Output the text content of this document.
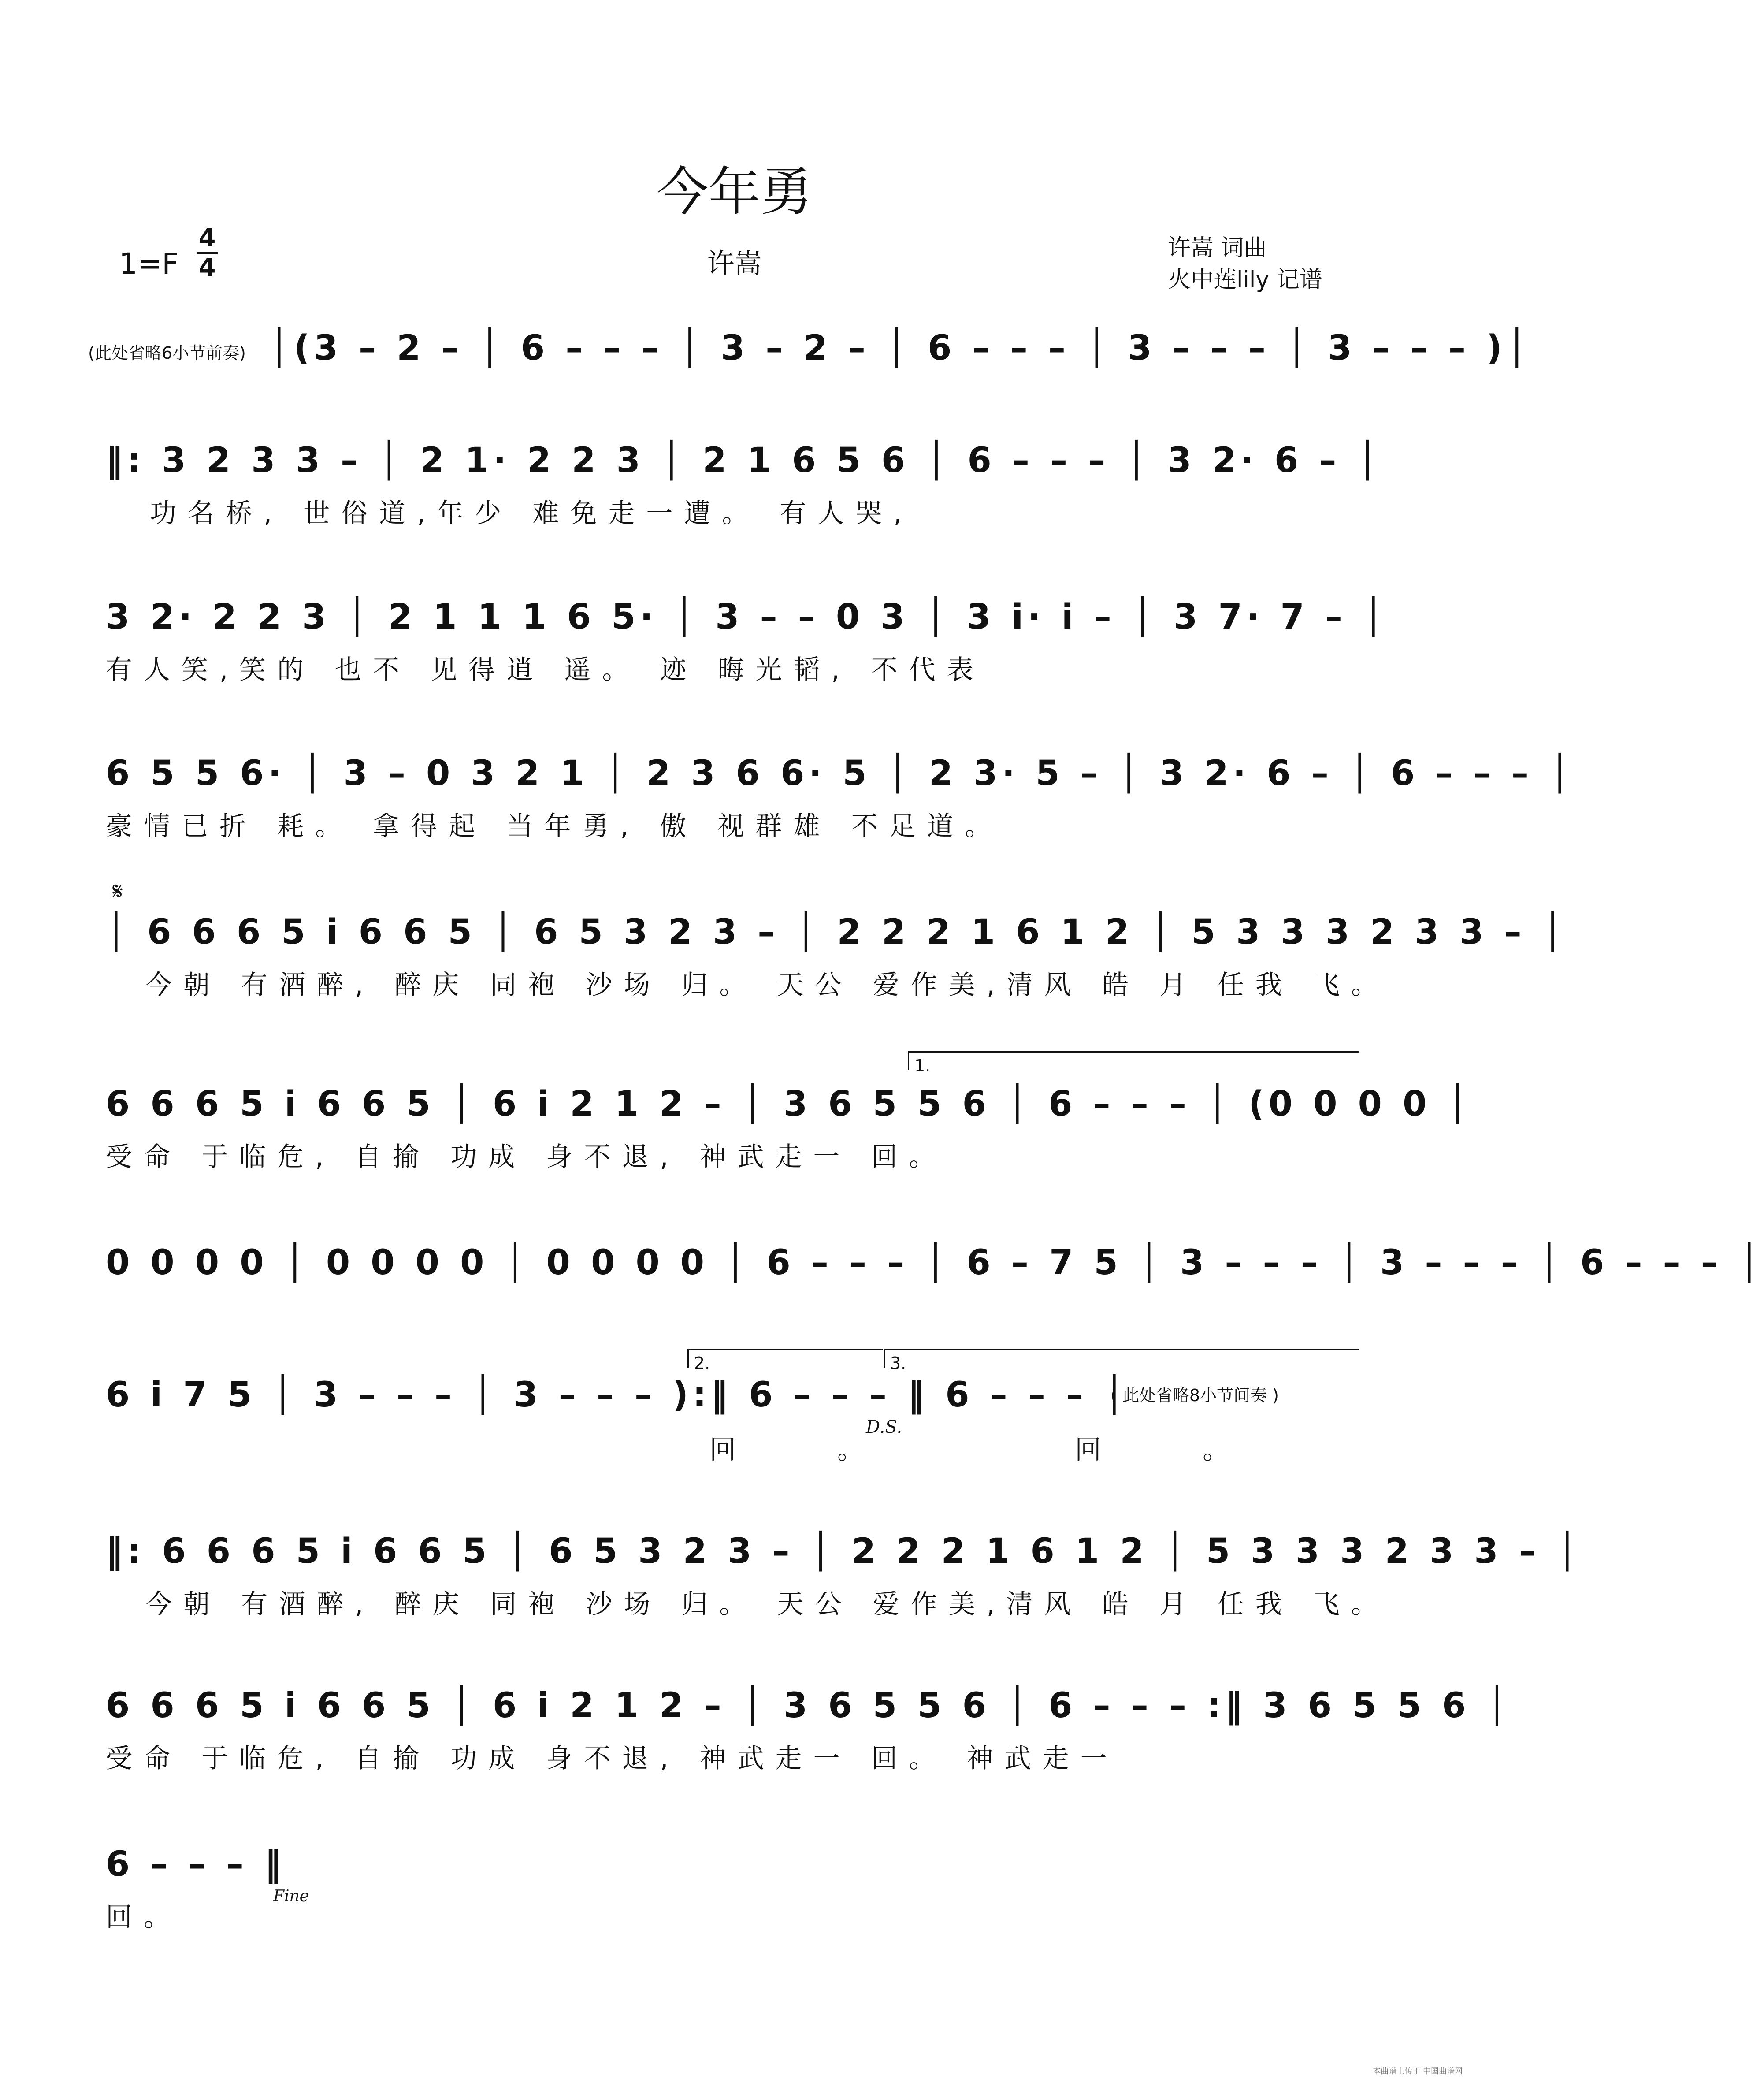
今年勇
许嵩
1=F
4
4
许嵩 词曲
火中莲lily 记谱
(此处省略6小节前奏) │(3 – 2 – │ 6 – – – │ 3 – 2 – │ 6 – – – │ 3 – – – │ 3 – – – )│
‖: 3 2 3 3 – │ 2 1· 2 2 3 │ 2 1 6 5 6 │ 6 – – – │ 3 2· 6 – │
功名桥, 世俗道,年少 难免走一遭。 有人哭,
3 2· 2 2 3 │ 2 1 1 1 6 5· │ 3 – – 0 3 │ 3 i· i – │ 3 7· 7 – │
有人笑,笑的 也不 见得逍 遥。 迹 晦光韬, 不代表
6 5 5 6· │ 3 – 0 3 2 1 │ 2 3 6 6· 5 │ 2 3· 5 – │ 3 2· 6 – │ 6 – – – │
豪情已折 耗。 拿得起 当年勇, 傲 视群雄 不足道。
𝄋
│ 6 6 6 5 i 6 6 5 │ 6 5 3 2 3 – │ 2 2 2 1 6 1 2 │ 5 3 3 3 2 3 3 – │
今朝 有酒醉, 醉庆 同袍 沙场 归。 天公 爱作美,清风 皓 月 任我 飞。
1.
6 6 6 5 i 6 6 5 │ 6 i 2 1 2 – │ 3 6 5 5 6 │ 6 – – – │ (0 0 0 0 │
受命 于临危, 自揄 功成 身不退, 神武走一 回。
0 0 0 0 │ 0 0 0 0 │ 0 0 0 0 │ 6 – – – │ 6 – 7 5 │ 3 – – – │ 3 – – – │ 6 – – – │
2.	3.
( 此处省略8小节间奏 )
D.S.
6 i 7 5 │ 3 – – – │ 3 – – – ):‖ 6 – – – ‖ 6 – – – │
回。 回。
‖: 6 6 6 5 i 6 6 5 │ 6 5 3 2 3 – │ 2 2 2 1 6 1 2 │ 5 3 3 3 2 3 3 – │
今朝 有酒醉, 醉庆 同袍 沙场 归。 天公 爱作美,清风 皓 月 任我 飞。
6 6 6 5 i 6 6 5 │ 6 i 2 1 2 – │ 3 6 5 5 6 │ 6 – – – :‖ 3 6 5 5 6 │
受命 于临危, 自揄 功成 身不退, 神武走一 回。 神武走一
Fine
6 – – – ‖
回。
本曲谱上传于 中国曲谱网
